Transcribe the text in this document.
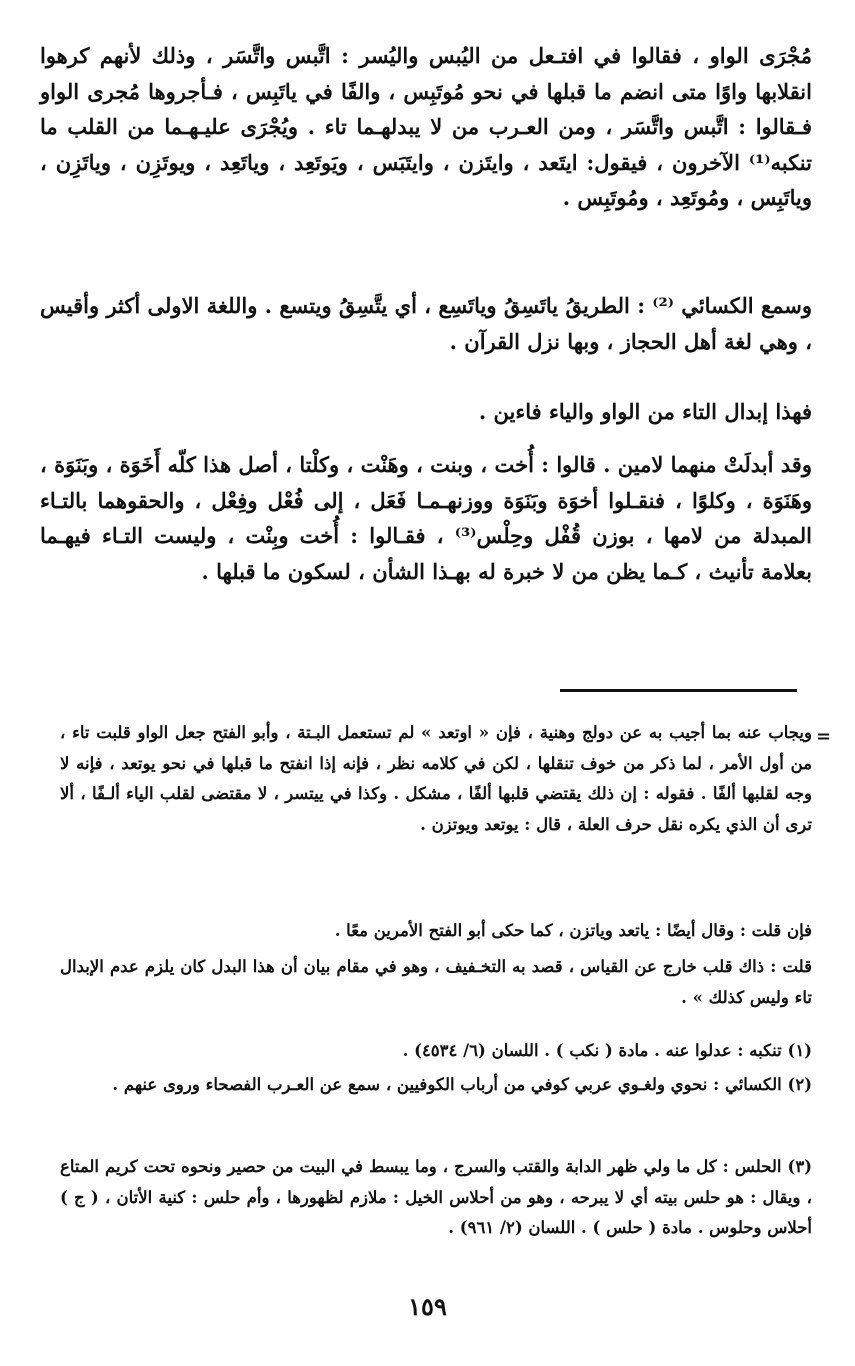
مُجْرَى الواو ، فقالوا في افتـعل من اليُبس واليُسر : اتَّبس واتَّسَر ، وذلك لأنهم كرهوا انقلابها واوًا متى انضم ما قبلها في نحو مُوتَبِس ، والفًا في ياتَبِس ، فـأجروها مُجرى الواو فـقالوا : اتَّبس واتَّسَر ، ومن العـرب من لا يبدلهـما تاء . ويُجْرَى عليـهـما من القلب ما تنكبه⁽¹⁾ الآخرون ، فيقول: ايتَعد ، وايتَزن ، وايتَبَس ، ويَوتَعِد ، وياتَعِد ، ويوتَزِن ، وياتَزِن ، وياتَبِس ، ومُوتَعِد ، ومُوتَبِس .

وسمع الكسائي ⁽²⁾ : الطريقُ ياتَسِقُ وياتَسِع ، أي يتَّسِقُ ويتسع . واللغة الاولى أكثر وأقيس ، وهي لغة أهل الحجاز ، وبها نزل القرآن .

فهذا إبدال التاء من الواو والياء فاءين .

وقد أبدلَتْ منهما لامين . قالوا : أُخت ، وبنت ، وهَنْت ، وكلْتا ، أصل هذا كلّه أَخَوَة ، وبَنَوَة ، وهَنَوَة ، وكلوًا ، فنقـلوا أخوَة وبَنَوَة ووزنهـمـا فَعَل ، إلى فُعْل وفِعْل ، والحقوهما بالتـاء المبدلة من لامها ، بوزن قُفْل وحِلْس⁽³⁾ ، فقـالوا : أُخت وبِنْت ، وليست التـاء فيهـما بعلامة تأنيث ، كـما يظن من لا خبرة له بهـذا الشأن ، لسكون ما قبلها .

=

ويجاب عنه بما أجيب به عن دولج وهنية ، فإن « اوتعد » لم تستعمل البـتة ، وأبو الفتح جعل الواو قلبت تاء ، من أول الأمر ، لما ذكر من خوف تنقلها ، لكن في كلامه نظر ، فإنه إذا انفتح ما قبلها في نحو يوتعد ، فإنه لا وجه لقلبها ألفًا . فقوله : إن ذلك يقتضي قلبها ألفًا ، مشكل . وكذا في ييتسر ، لا مقتضى لقلب الياء ألـفًا ، ألا ترى أن الذي يكره نقل حرف العلة ، قال : يوتعد ويوتزن .

فإن قلت : وقال أيضًا : ياتعد وياتزن ، كما حكى أبو الفتح الأمرين معًا .

قلت : ذاك قلب خارج عن القياس ، قصد به التخـفيف ، وهو في مقام بيان أن هذا البدل كان يلزم عدم الإبدال تاء وليس كذلك » .

(١) تنكبه : عدلوا عنه . مادة ( نكب ) . اللسان (٦/ ٤٥٣٤) .

(٢) الكسائي : نحوي ولغـوي عربي كوفي من أرباب الكوفيين ، سمع عن العـرب الفصحاء وروى عنهم .

(٣) الحلس : كل ما ولي ظهر الدابة والقتب والسرج ، وما يبسط في البيت من حصير ونحوه تحت كريم المتاع ، ويقال : هو حلس بيته أي لا يبرحه ، وهو من أحلاس الخيل : ملازم لظهورها ، وأم حلس : كنية الأتان ، ( ج ) أحلاس وحلوس . مادة ( حلس ) . اللسان (٢/ ٩٦١) .

١٥٩
